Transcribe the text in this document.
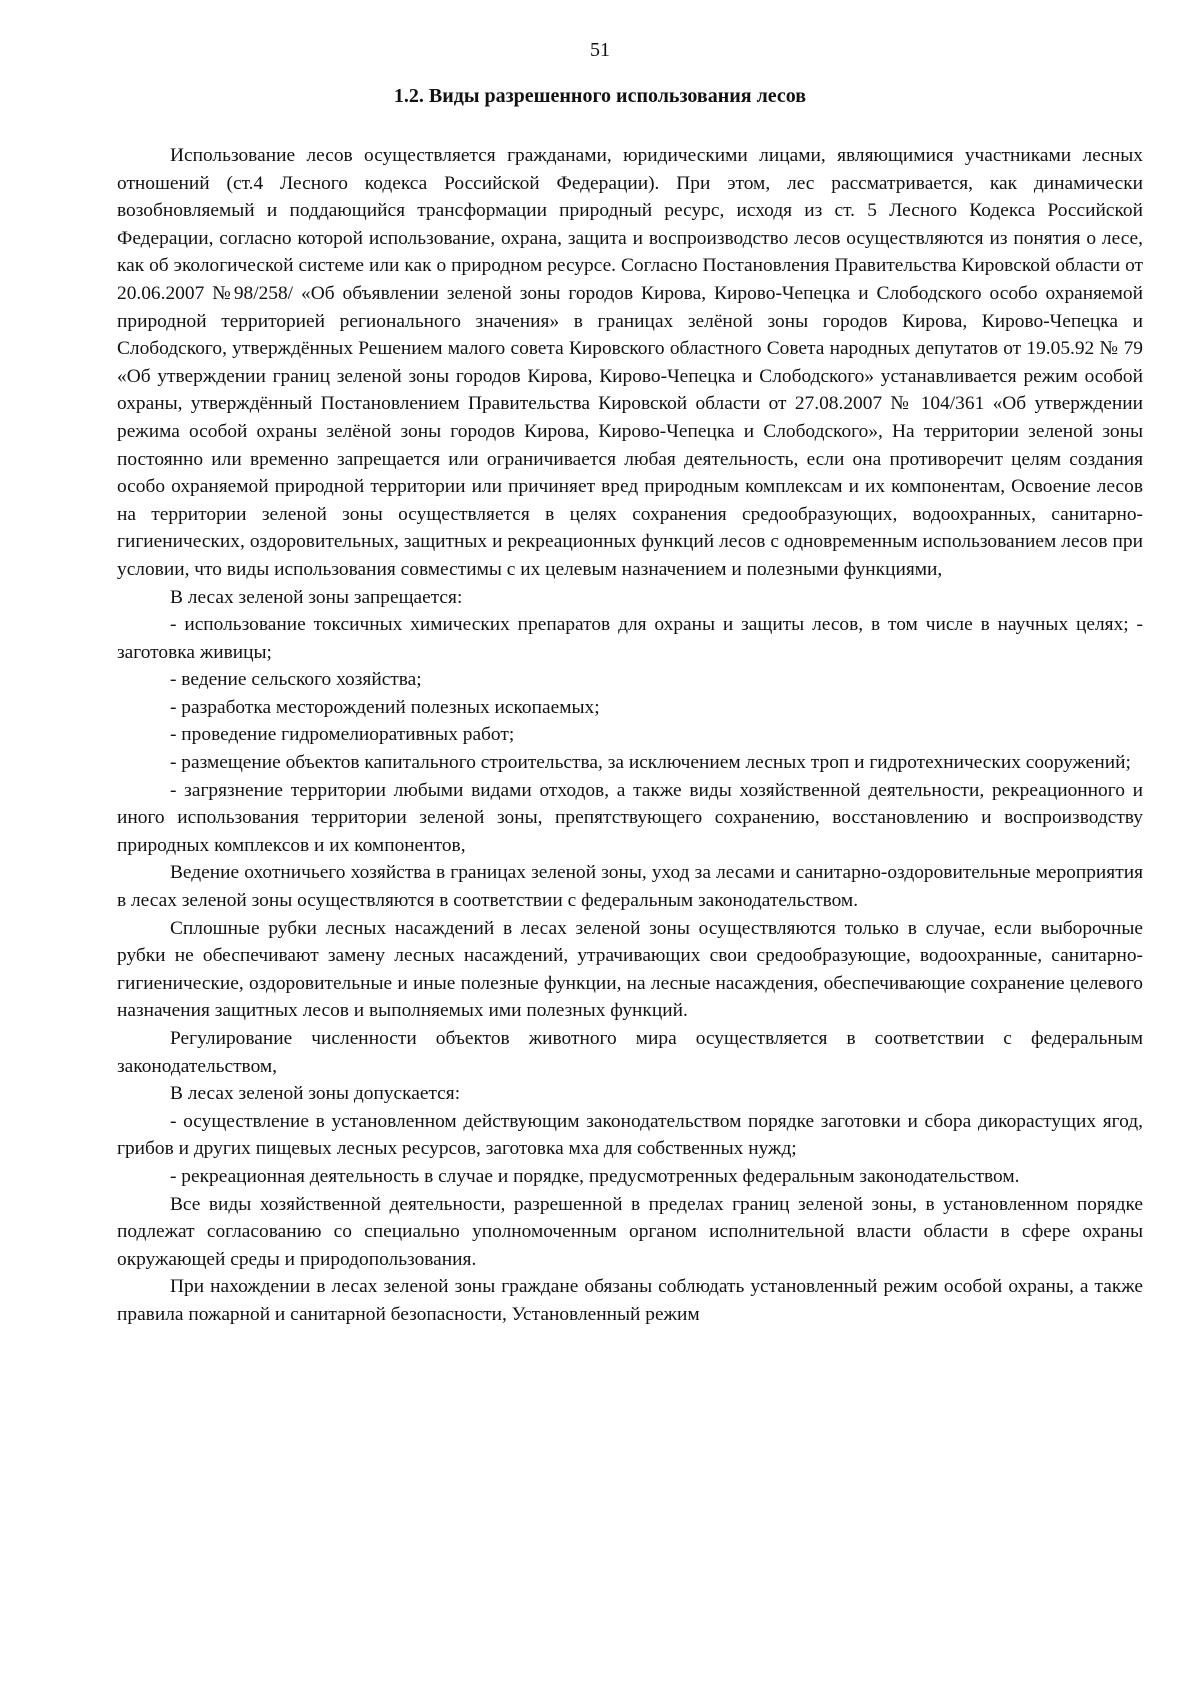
51
1.2. Виды разрешенного использования лесов

Использование лесов осуществляется гражданами, юридическими лицами, являющимися участниками лесных отношений (ст.4 Лесного кодекса Российской Федерации). При этом, лес рассматривается, как динамически возобновляемый и поддающийся трансформации природный ресурс, исходя из ст. 5 Лесного Кодекса Российской Федерации, согласно которой использование, охрана, защита и воспроизводство лесов осуществляются из понятия о лесе, как об экологической системе или как о природном ресурсе. Согласно Постановления Правительства Кировской области от 20.06.2007 №98/258/ «Об объявлении зеленой зоны городов Кирова, Кирово-Чепецка и Слободского особо охраняемой природной территорией регионального значения» в границах зелёной зоны городов Кирова, Кирово-Чепецка и Слободского, утверждённых Решением малого совета Кировского областного Совета народных депутатов от 19.05.92 № 79 «Об утверждении границ зеленой зоны городов Кирова, Кирово-Чепецка и Слободского» устанавливается режим особой охраны, утверждённый Постановлением Правительства Кировской области от 27.08.2007 № 104/361 «Об утверждении режима особой охраны зелёной зоны городов Кирова, Кирово-Чепецка и Слободского», На территории зеленой зоны постоянно или временно запрещается или ограничивается любая деятельность, если она противоречит целям создания особо охраняемой природной территории или причиняет вред природным комплексам и их компонентам, Освоение лесов на территории зеленой зоны осуществляется в целях сохранения средообразующих, водоохранных, санитарно-гигиенических, оздоровительных, защитных и рекреационных функций лесов с одновременным использованием лесов при условии, что виды использования совместимы с их целевым назначением и полезными функциями,

В лесах зеленой зоны запрещается:

- использование токсичных химических препаратов для охраны и защиты лесов, в том числе в научных целях; - заготовка живицы;

- ведение сельского хозяйства;

- разработка месторождений полезных ископаемых;

- проведение гидромелиоративных работ;

- размещение объектов капитального строительства, за исключением лесных троп и гидротехнических сооружений;

- загрязнение территории любыми видами отходов, а также виды хозяйственной деятельности, рекреационного и иного использования территории зеленой зоны, препятствующего сохранению, восстановлению и воспроизводству природных комплексов и их компонентов,

Ведение охотничьего хозяйства в границах зеленой зоны, уход за лесами и санитарно-оздоровительные мероприятия в лесах зеленой зоны осуществляются в соответствии с федеральным законодательством.

Сплошные рубки лесных насаждений в лесах зеленой зоны осуществляются только в случае, если выборочные рубки не обеспечивают замену лесных насаждений, утрачивающих свои средообразующие, водоохранные, санитарно-гигиенические, оздоровительные и иные полезные функции, на лесные насаждения, обеспечивающие сохранение целевого назначения защитных лесов и выполняемых ими полезных функций.

Регулирование численности объектов животного мира осуществляется в соответствии с федеральным законодательством,

В лесах зеленой зоны допускается:

- осуществление в установленном действующим законодательством порядке заготовки и сбора дикорастущих ягод, грибов и других пищевых лесных ресурсов, заготовка мха для собственных нужд;

- рекреационная деятельность в случае и порядке, предусмотренных федеральным законодательством.

Все виды хозяйственной деятельности, разрешенной в пределах границ зеленой зоны, в установленном порядке подлежат согласованию со специально уполномоченным органом исполнительной власти области в сфере охраны окружающей среды и природопользования.

При нахождении в лесах зеленой зоны граждане обязаны соблюдать установленный режим особой охраны, а также правила пожарной и санитарной безопасности, Установленный режим
